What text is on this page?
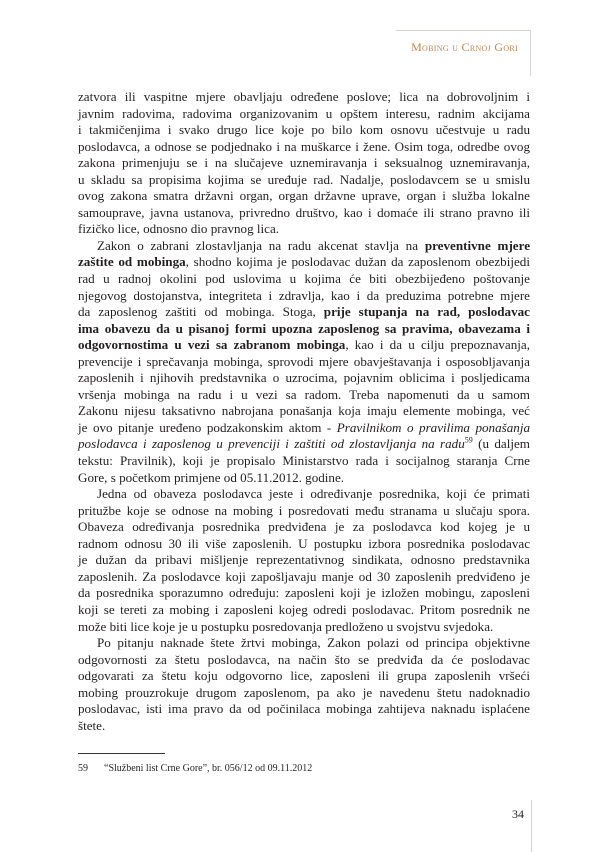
Mobing u Crnoj Gori
zatvora ili vaspitne mjere obavljaju određene poslove; lica na dobrovoljnim i
javnim radovima, radovima organizovanim u opštem interesu, radnim akcijama
i takmičenjima i svako drugo lice koje po bilo kom osnovu učestvuje u radu
poslodavca, a odnose se podjednako i na muškarce i žene. Osim toga, odredbe ovog
zakona primenjuju se i na slučajeve uznemiravanja i seksualnog uznemiravanja,
u skladu sa propisima kojima se uređuje rad. Nadalje, poslodavcem se u smislu
ovog zakona smatra državni organ, organ državne uprave, organ i služba lokalne
samouprave, javna ustanova, privredno društvo, kao i domaće ili strano pravno ili
fizičko lice, odnosno dio pravnog lica.
Zakon o zabrani zlostavljanja na radu akcenat stavlja na preventivne mjere
zaštite od mobinga, shodno kojima je poslodavac dužan da zaposlenom obezbijedi
rad u radnoj okolini pod uslovima u kojima će biti obezbijeđeno poštovanje
njegovog dostojanstva, integriteta i zdravlja, kao i da preduzima potrebne mjere
da zaposlenog zaštiti od mobinga. Stoga, prije stupanja na rad, poslodavac
ima obavezu da u pisanoj formi upozna zaposlenog sa pravima, obavezama i
odgovornostima u vezi sa zabranom mobinga, kao i da u cilju prepoznavanja,
prevencije i sprečavanja mobinga, sprovodi mjere obavještavanja i osposobljavanja
zaposlenih i njihovih predstavnika o uzrocima, pojavnim oblicima i posljedicama
vršenja mobinga na radu i u vezi sa radom. Treba napomenuti da u samom
Zakonu nijesu taksativno nabrojana ponašanja koja imaju elemente mobinga, već
je ovo pitanje uređeno podzakonskim aktom - Pravilnikom o pravilima ponašanja
poslodavca i zaposlenog u prevenciji i zaštiti od zlostavljanja na radu$^{59}$ (u daljem
tekstu: Pravilnik), koji je propisalo Ministarstvo rada i socijalnog staranja Crne
Gore, s početkom primjene od 05.11.2012. godine.
Jedna od obaveza poslodavca jeste i određivanje posrednika, koji će primati
pritužbe koje se odnose na mobing i posredovati među stranama u slučaju spora.
Obaveza određivanja posrednika predviđena je za poslodavca kod kojeg je u
radnom odnosu 30 ili više zaposlenih. U postupku izbora posrednika poslodavac
je dužan da pribavi mišljenje reprezentativnog sindikata, odnosno predstavnika
zaposlenih. Za poslodavce koji zapošljavaju manje od 30 zaposlenih predviđeno je
da posrednika sporazumno određuju: zaposleni koji je izložen mobingu, zaposleni
koji se tereti za mobing i zaposleni kojeg odredi poslodavac. Pritom posrednik ne
može biti lice koje je u postupku posredovanja predloženo u svojstvu svjedoka.
Po pitanju naknade štete žrtvi mobinga, Zakon polazi od principa objektivne
odgovornosti za štetu poslodavca, na način što se predviđa da će poslodavac
odgovarati za štetu koju odgovorno lice, zaposleni ili grupa zaposlenih vršeći
mobing prouzrokuje drugom zaposlenom, pa ako je navedenu štetu nadoknadio
poslodavac, isti ima pravo da od počinilaca mobinga zahtijeva naknadu isplaćene
štete.
59 “Službeni list Crne Gore”, br. 056/12 od 09.11.2012
34
